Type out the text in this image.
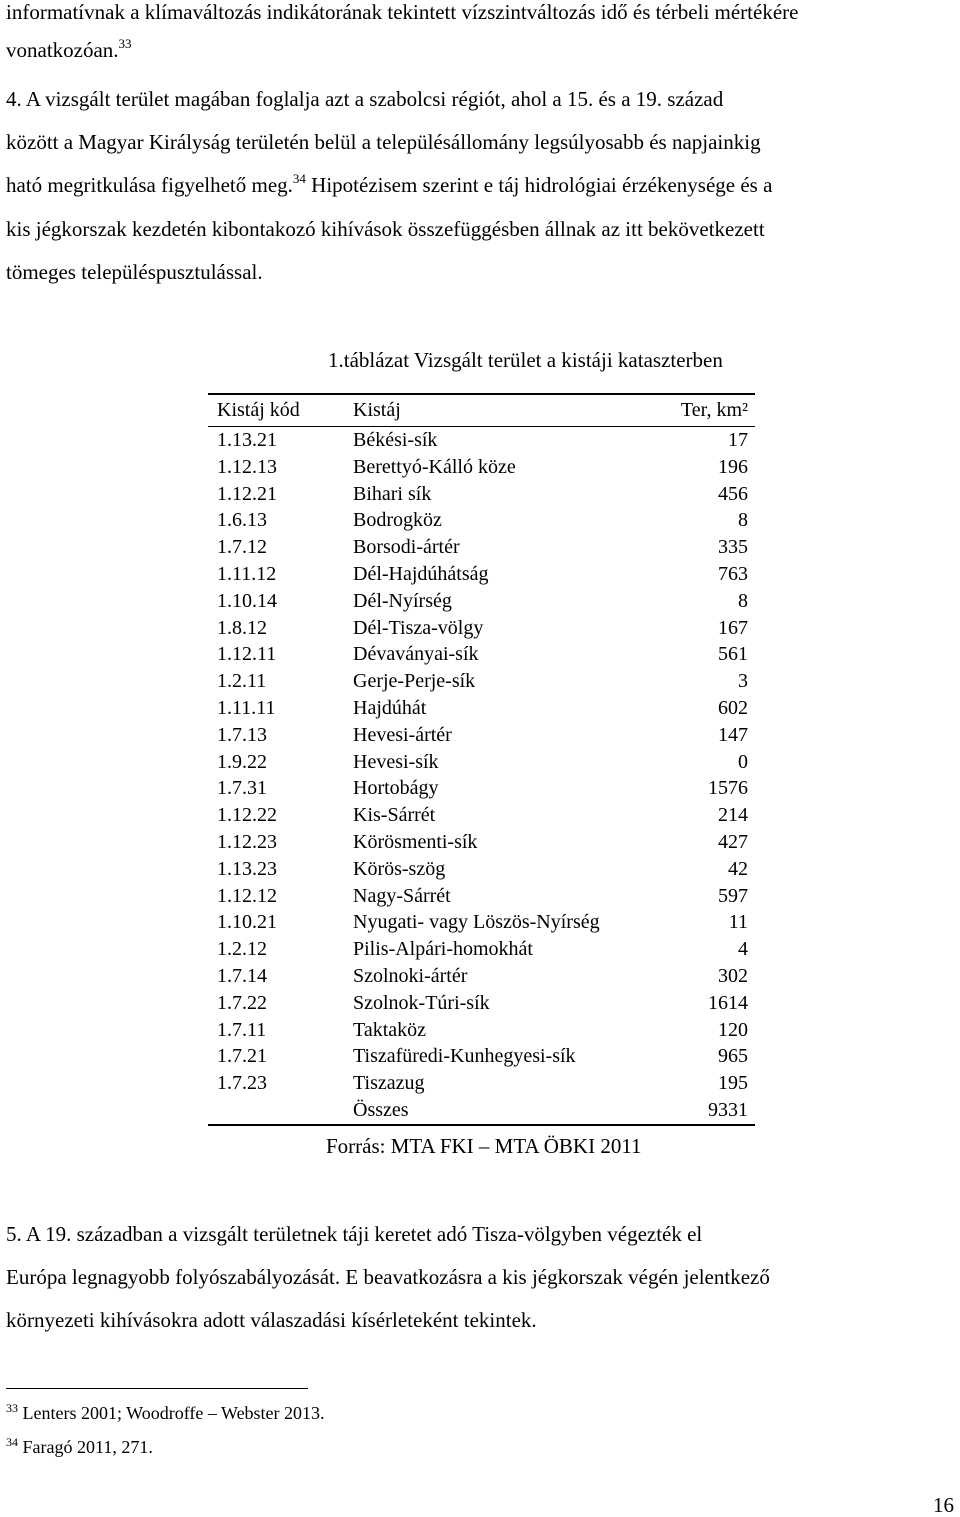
informatívnak a klímaváltozás indikátorának tekintett vízszintváltozás idő és térbeli mértékére
vonatkozóan.$^{33}$
4. A vizsgált terület magában foglalja azt a szabolcsi régiót, ahol a 15. és a 19. század
között a Magyar Királyság területén belül a településállomány legsúlyosabb és napjainkig
ható megritkulása figyelhető meg.$^{34}$ Hipotézisem szerint e táj hidrológiai érzékenysége és a
kis jégkorszak kezdetén kibontakozó kihívások összefüggésben állnak az itt bekövetkezett
tömeges településpusztulással.
1.táblázat Vizsgált terület a kistáji kataszterben
Kistáj kód	Kistáj	Ter, km²
1.13.21	Békési-sík	17
1.12.13	Berettyó-Kálló köze	196
1.12.21	Bihari sík	456
1.6.13	Bodrogköz	8
1.7.12	Borsodi-ártér	335
1.11.12	Dél-Hajdúhátság	763
1.10.14	Dél-Nyírség	8
1.8.12	Dél-Tisza-völgy	167
1.12.11	Dévaványai-sík	561
1.2.11	Gerje-Perje-sík	3
1.11.11	Hajdúhát	602
1.7.13	Hevesi-ártér	147
1.9.22	Hevesi-sík	0
1.7.31	Hortobágy	1576
1.12.22	Kis-Sárrét	214
1.12.23	Körösmenti-sík	427
1.13.23	Körös-szög	42
1.12.12	Nagy-Sárrét	597
1.10.21	Nyugati- vagy Löszös-Nyírség	11
1.2.12	Pilis-Alpári-homokhát	4
1.7.14	Szolnoki-ártér	302
1.7.22	Szolnok-Túri-sík	1614
1.7.11	Taktaköz	120
1.7.21	Tiszafüredi-Kunhegyesi-sík	965
1.7.23	Tiszazug	195
	Összes	9331
Forrás: MTA FKI – MTA ÖBKI 2011
5. A 19. században a vizsgált területnek táji keretet adó Tisza-völgyben végezték el
Európa legnagyobb folyószabályozását. E beavatkozásra a kis jégkorszak végén jelentkező
környezeti kihívásokra adott válaszadási kísérleteként tekintek.
$^{33}$ Lenters 2001; Woodroffe – Webster 2013.
$^{34}$ Faragó 2011, 271.
16
